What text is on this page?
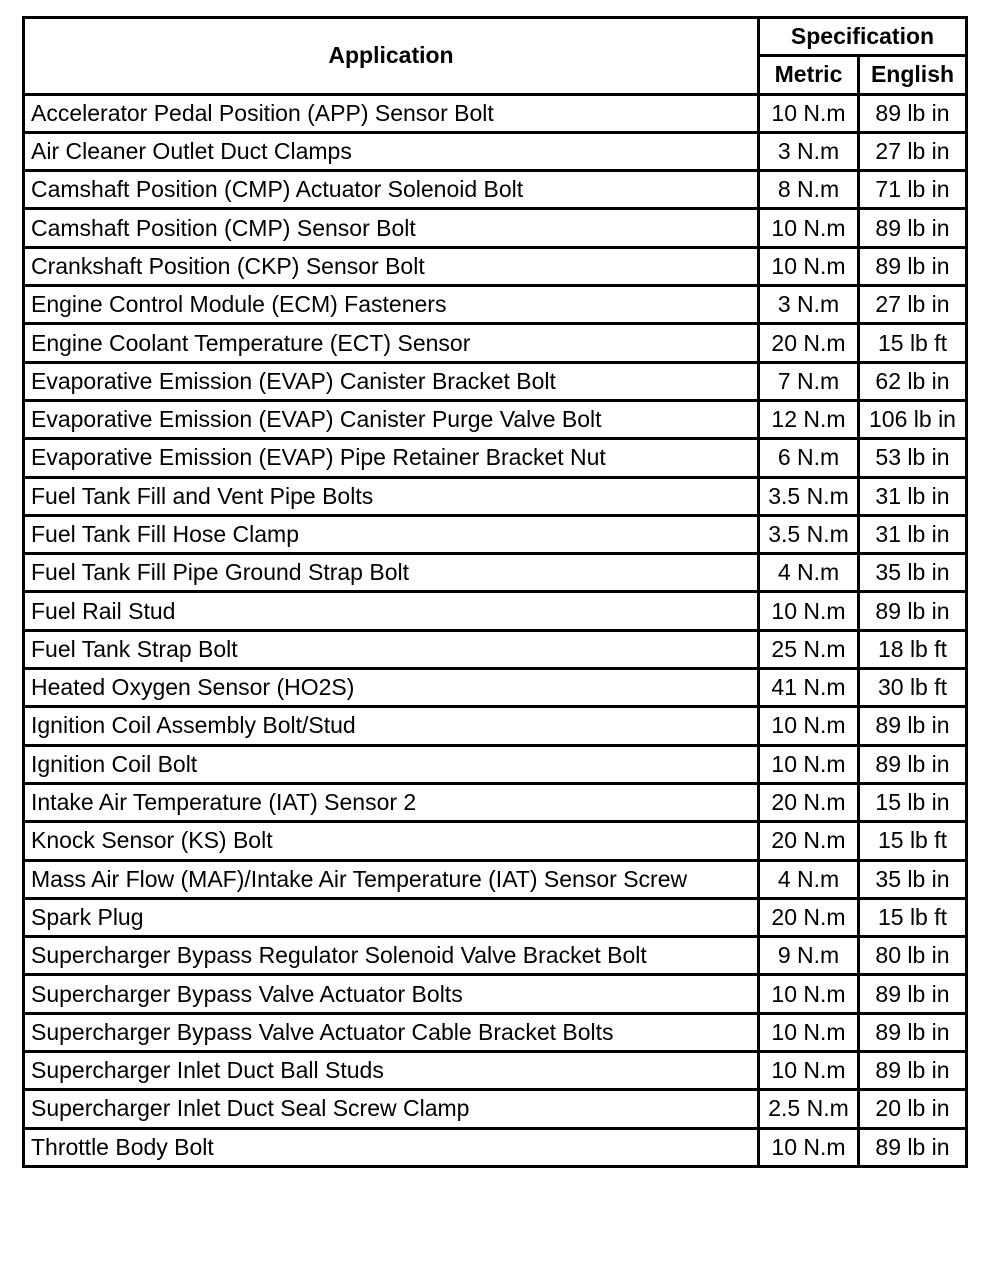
Application	Specification	
	Metric	English
Accelerator Pedal Position (APP) Sensor Bolt	10 N.m	89 lb in
Air Cleaner Outlet Duct Clamps	3 N.m	27 lb in
Camshaft Position (CMP) Actuator Solenoid Bolt	8 N.m	71 lb in
Camshaft Position (CMP) Sensor Bolt	10 N.m	89 lb in
Crankshaft Position (CKP) Sensor Bolt	10 N.m	89 lb in
Engine Control Module (ECM) Fasteners	3 N.m	27 lb in
Engine Coolant Temperature (ECT) Sensor	20 N.m	15 lb ft
Evaporative Emission (EVAP) Canister Bracket Bolt	7 N.m	62 lb in
Evaporative Emission (EVAP) Canister Purge Valve Bolt	12 N.m	106 lb in
Evaporative Emission (EVAP) Pipe Retainer Bracket Nut	6 N.m	53 lb in
Fuel Tank Fill and Vent Pipe Bolts	3.5 N.m	31 lb in
Fuel Tank Fill Hose Clamp	3.5 N.m	31 lb in
Fuel Tank Fill Pipe Ground Strap Bolt	4 N.m	35 lb in
Fuel Rail Stud	10 N.m	89 lb in
Fuel Tank Strap Bolt	25 N.m	18 lb ft
Heated Oxygen Sensor (HO2S)	41 N.m	30 lb ft
Ignition Coil Assembly Bolt/Stud	10 N.m	89 lb in
Ignition Coil Bolt	10 N.m	89 lb in
Intake Air Temperature (IAT) Sensor 2	20 N.m	15 lb in
Knock Sensor (KS) Bolt	20 N.m	15 lb ft
Mass Air Flow (MAF)/Intake Air Temperature (IAT) Sensor Screw	4 N.m	35 lb in
Spark Plug	20 N.m	15 lb ft
Supercharger Bypass Regulator Solenoid Valve Bracket Bolt	9 N.m	80 lb in
Supercharger Bypass Valve Actuator Bolts	10 N.m	89 lb in
Supercharger Bypass Valve Actuator Cable Bracket Bolts	10 N.m	89 lb in
Supercharger Inlet Duct Ball Studs	10 N.m	89 lb in
Supercharger Inlet Duct Seal Screw Clamp	2.5 N.m	20 lb in
Throttle Body Bolt	10 N.m	89 lb in
